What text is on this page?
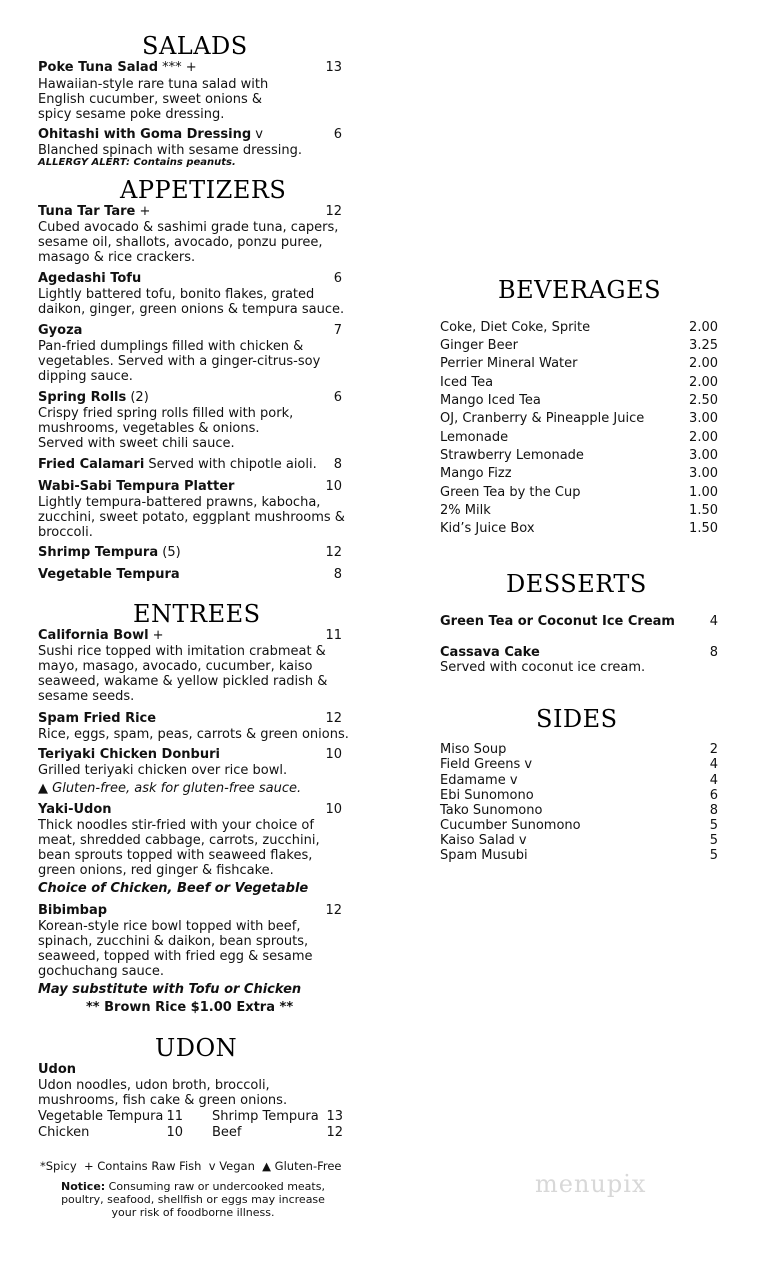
SALADS
Poke Tuna Salad *** +	13
Hawaiian-style rare tuna salad with
English cucumber, sweet onions &
spicy sesame poke dressing.
Ohitashi with Goma Dressing v	6
Blanched spinach with sesame dressing.
ALLERGY ALERT: Contains peanuts.
APPETIZERS
Tuna Tar Tare +	12
Cubed avocado & sashimi grade tuna, capers,
sesame oil, shallots, avocado, ponzu puree,
masago & rice crackers.
Agedashi Tofu	6
Lightly battered tofu, bonito flakes, grated
daikon, ginger, green onions & tempura sauce.
Gyoza	7
Pan-fried dumplings filled with chicken &
vegetables. Served with a ginger-citrus-soy
dipping sauce.
Spring Rolls (2)	6
Crispy fried spring rolls filled with pork,
mushrooms, vegetables & onions.
Served with sweet chili sauce.
Fried Calamari Served with chipotle aioli.	8
Wabi-Sabi Tempura Platter	10
Lightly tempura-battered prawns, kabocha,
zucchini, sweet potato, eggplant mushrooms &
broccoli.
Shrimp Tempura (5)	12
Vegetable Tempura	8
ENTREES
California Bowl +	11
Sushi rice topped with imitation crabmeat &
mayo, masago, avocado, cucumber, kaiso
seaweed, wakame & yellow pickled radish &
sesame seeds.
Spam Fried Rice	12
Rice, eggs, spam, peas, carrots & green onions.
Teriyaki Chicken Donburi	10
Grilled teriyaki chicken over rice bowl.
▲ Gluten-free, ask for gluten-free sauce.
Yaki-Udon	10
Thick noodles stir-fried with your choice of
meat, shredded cabbage, carrots, zucchini,
bean sprouts topped with seaweed flakes,
green onions, red ginger & fishcake.
Choice of Chicken, Beef or Vegetable
Bibimbap	12
Korean-style rice bowl topped with beef,
spinach, zucchini & daikon, bean sprouts,
seaweed, topped with fried egg & sesame
gochuchang sauce.
May substitute with Tofu or Chicken
** Brown Rice $1.00 Extra **
UDON
Udon
Udon noodles, udon broth, broccoli,
mushrooms, fish cake & green onions.
Vegetable Tempura 11 Shrimp Tempura 13
Chicken	10 Beef	12
*Spicy  + Contains Raw Fish  v Vegan  ▲ Gluten-Free
Notice: Consuming raw or undercooked meats,
poultry, seafood, shellfish or eggs may increase
your risk of foodborne illness.
BEVERAGES
Coke, Diet Coke, Sprite	2.00
Ginger Beer	3.25
Perrier Mineral Water	2.00
Iced Tea	2.00
Mango Iced Tea	2.50
OJ, Cranberry & Pineapple Juice	3.00
Lemonade	2.00
Strawberry Lemonade	3.00
Mango Fizz	3.00
Green Tea by the Cup	1.00
2% Milk	1.50
Kid’s Juice Box	1.50
DESSERTS
Green Tea or Coconut Ice Cream	4
Cassava Cake	8
Served with coconut ice cream.
SIDES
Miso Soup	2
Field Greens v	4
Edamame v	4
Ebi Sunomono	6
Tako Sunomono	8
Cucumber Sunomono	5
Kaiso Salad v	5
Spam Musubi	5
menupix
